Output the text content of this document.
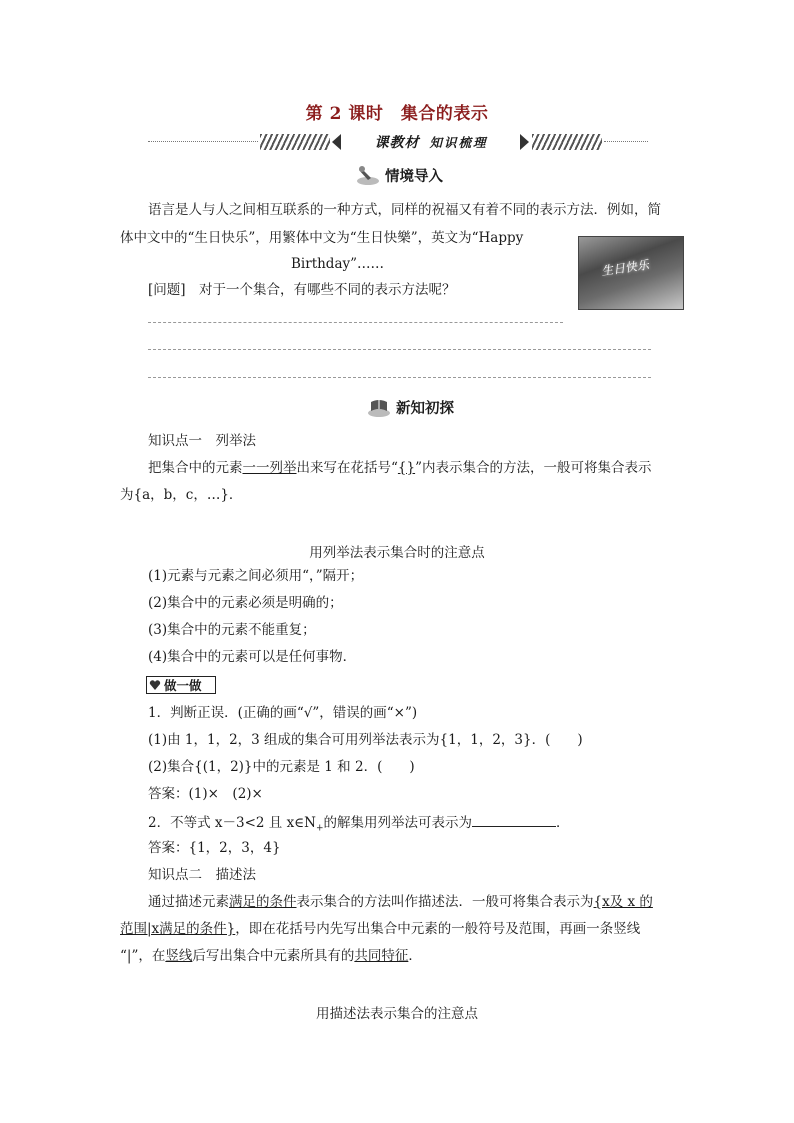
第 2 课时　集合的表示
课教材 知识梳理
情境导入
语言是人与人之间相互联系的一种方式，同样的祝福又有着不同的表示方法．例如，简
体中文中的“生日快乐”，用繁体中文为“生日快樂”，英文为“Happy
Birthday”……	生日快乐
[问题]　 对于一个集合，有哪些不同的表示方法呢？
新知初探
知识点一　列举法
把集合中的元素一一列举出来写在花括号“{}”内表示集合的方法，一般可将集合表示
为{a，b，c，…}．
用列举法表示集合时的注意点
(1)元素与元素之间必须用“，”隔开；
(2)集合中的元素必须是明确的；
(3)集合中的元素不能重复；
(4)集合中的元素可以是任何事物．
做一做
1．判断正误．(正确的画“√”，错误的画“×”)
(1)由 1，1，2，3 组成的集合可用列举法表示为{1，1，2，3}．(　　)
(2)集合{(1，2)}中的元素是 1 和 2．(　　)
答案：(1)×　(2)×
2．不等式 x－3<2 且 $x\in N_+$的解集用列举法可表示为	．
答案：{1，2，3，4}
知识点二　描述法
通过描述元素满足的条件表示集合的方法叫作描述法．一般可将集合表示为{x及 x 的
范围|x满足的条件}，即在花括号内先写出集合中元素的一般符号及范围，再画一条竖线
“|”，在竖线后写出集合中元素所具有的共同特征．
用描述法表示集合的注意点
